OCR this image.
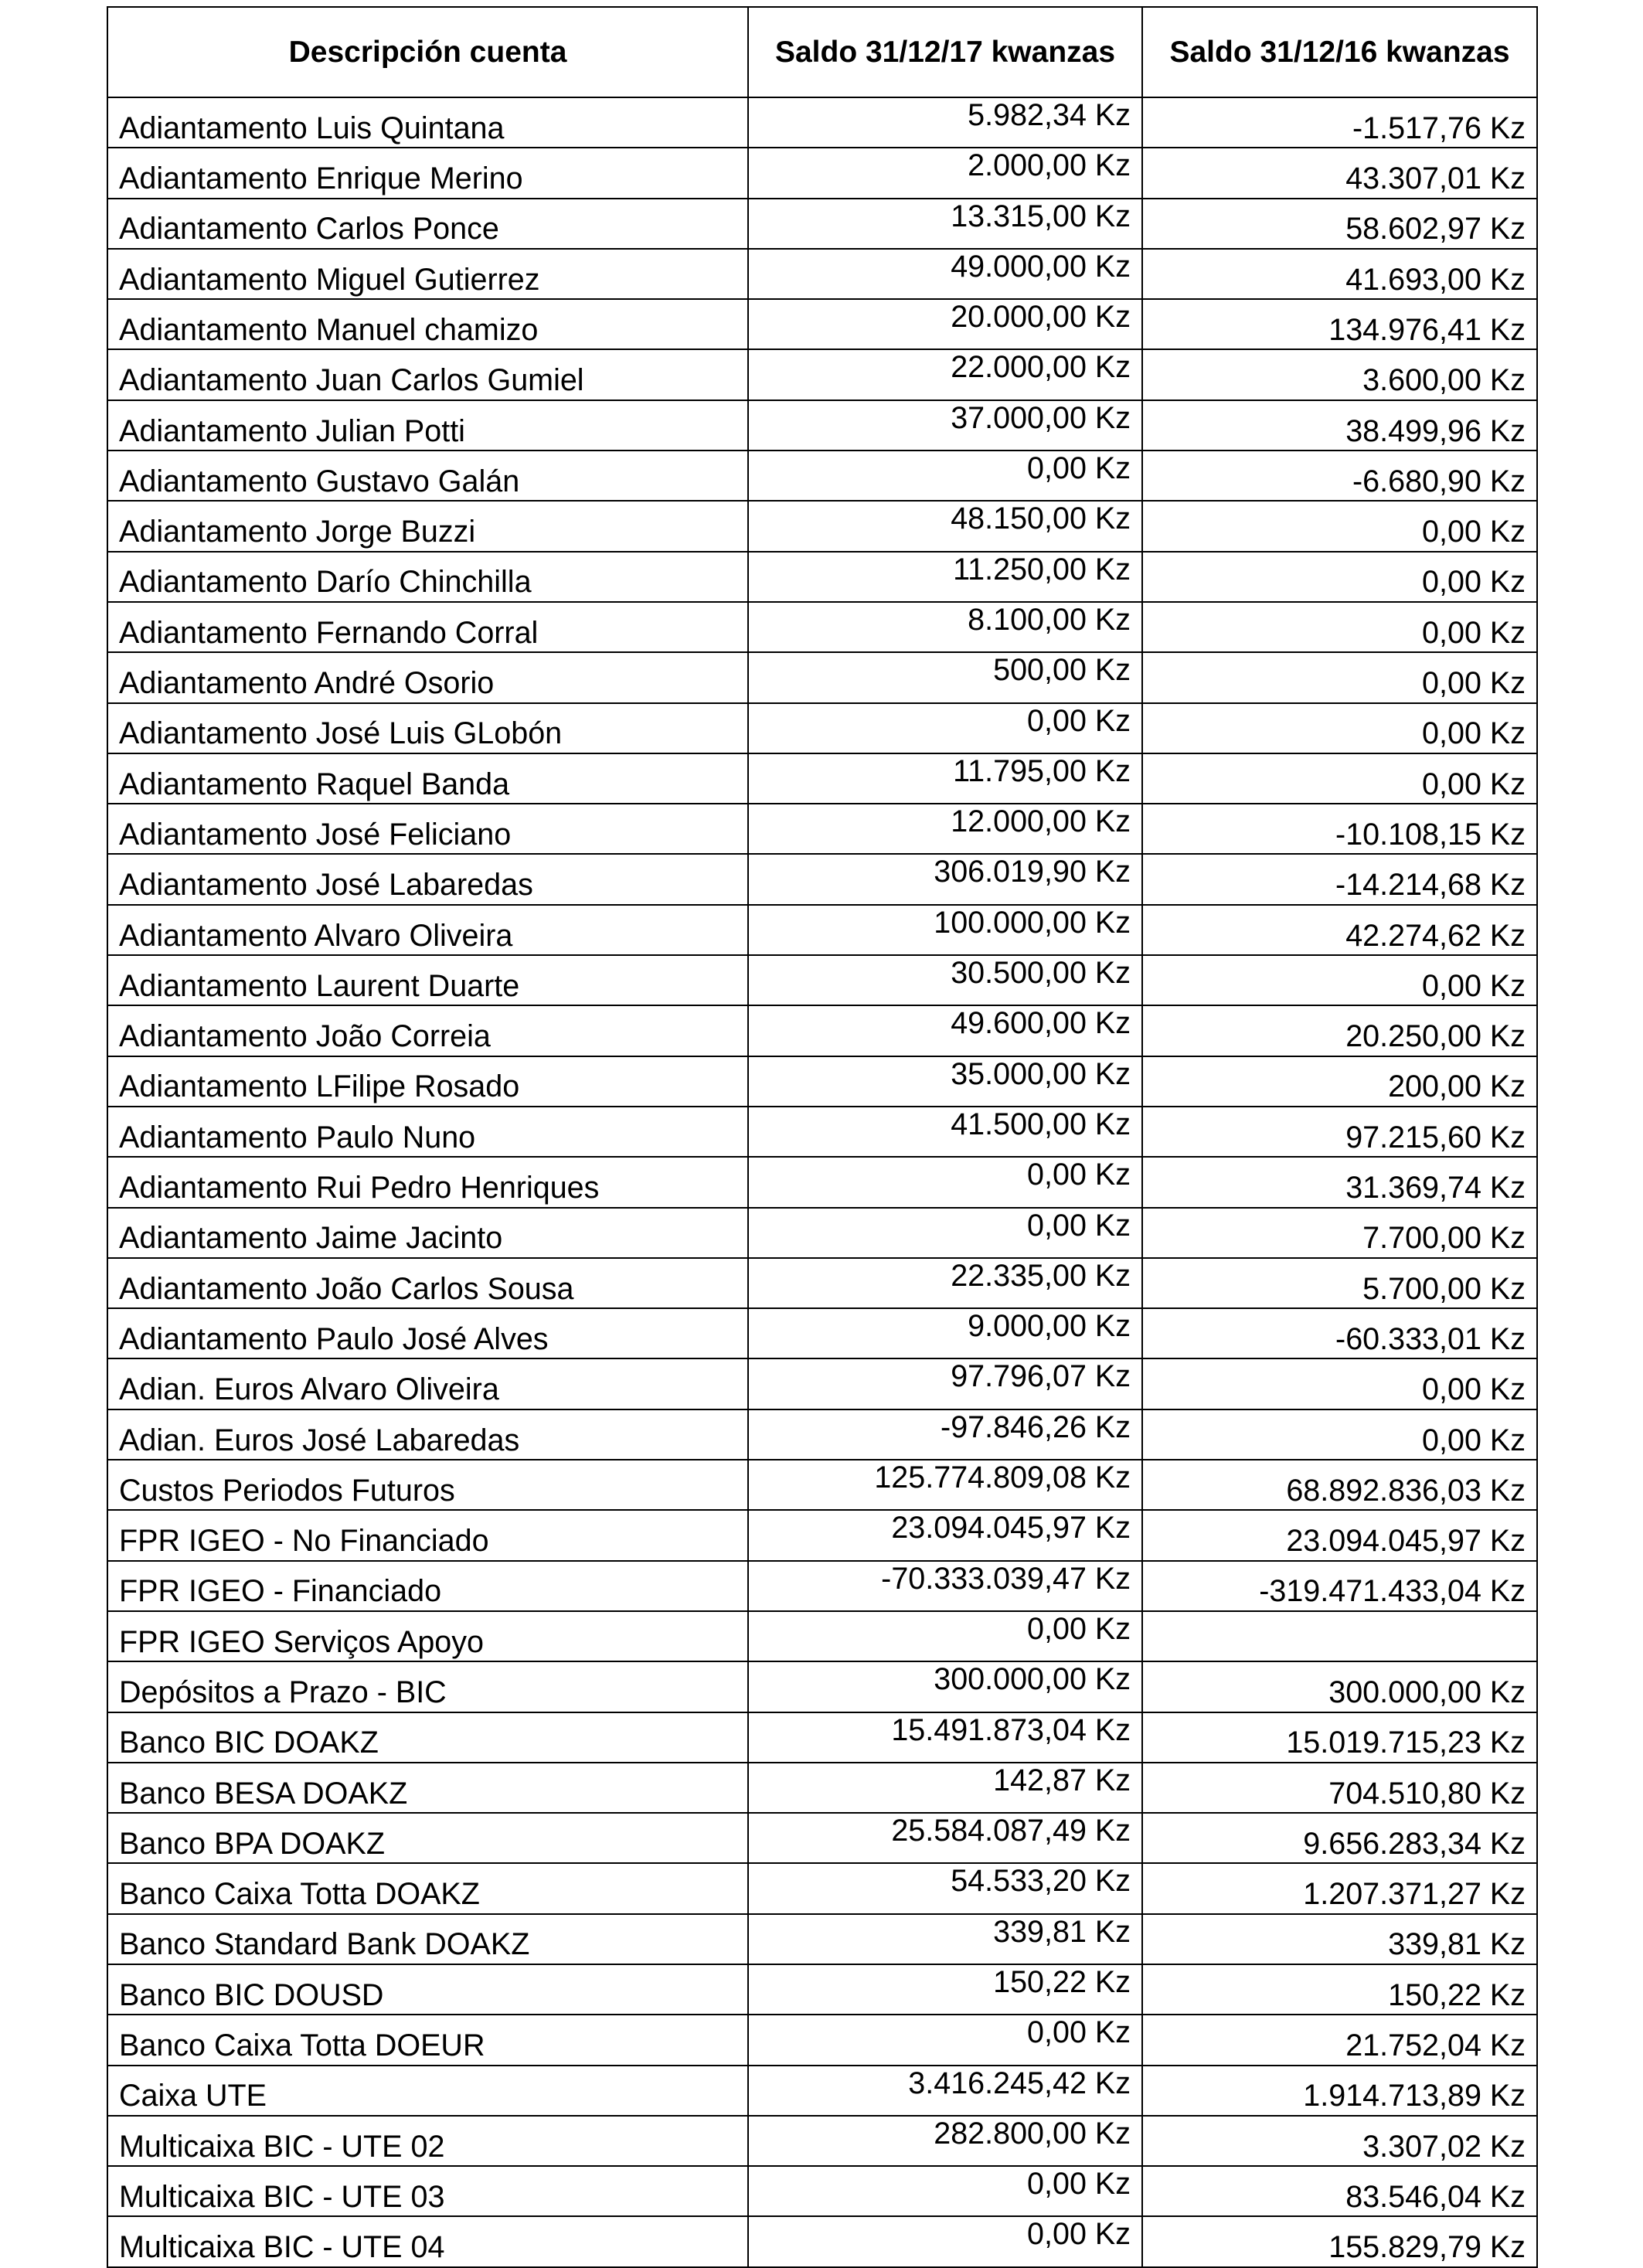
Descripción cuenta	Saldo 31/12/17 kwanzas	Saldo 31/12/16 kwanzas
Adiantamento Luis Quintana	5.982,34 Kz	-1.517,76 Kz
Adiantamento Enrique Merino	2.000,00 Kz	43.307,01 Kz
Adiantamento Carlos Ponce	13.315,00 Kz	58.602,97 Kz
Adiantamento Miguel Gutierrez	49.000,00 Kz	41.693,00 Kz
Adiantamento Manuel chamizo	20.000,00 Kz	134.976,41 Kz
Adiantamento Juan Carlos Gumiel	22.000,00 Kz	3.600,00 Kz
Adiantamento Julian Potti	37.000,00 Kz	38.499,96 Kz
Adiantamento Gustavo Galán	0,00 Kz	-6.680,90 Kz
Adiantamento Jorge Buzzi	48.150,00 Kz	0,00 Kz
Adiantamento Darío Chinchilla	11.250,00 Kz	0,00 Kz
Adiantamento Fernando Corral	8.100,00 Kz	0,00 Kz
Adiantamento André Osorio	500,00 Kz	0,00 Kz
Adiantamento José Luis GLobón	0,00 Kz	0,00 Kz
Adiantamento Raquel Banda	11.795,00 Kz	0,00 Kz
Adiantamento José Feliciano	12.000,00 Kz	-10.108,15 Kz
Adiantamento José Labaredas	306.019,90 Kz	-14.214,68 Kz
Adiantamento Alvaro Oliveira	100.000,00 Kz	42.274,62 Kz
Adiantamento Laurent Duarte	30.500,00 Kz	0,00 Kz
Adiantamento João Correia	49.600,00 Kz	20.250,00 Kz
Adiantamento LFilipe Rosado	35.000,00 Kz	200,00 Kz
Adiantamento Paulo Nuno	41.500,00 Kz	97.215,60 Kz
Adiantamento Rui Pedro Henriques	0,00 Kz	31.369,74 Kz
Adiantamento Jaime Jacinto	0,00 Kz	7.700,00 Kz
Adiantamento João Carlos Sousa	22.335,00 Kz	5.700,00 Kz
Adiantamento Paulo José Alves	9.000,00 Kz	-60.333,01 Kz
Adian. Euros Alvaro Oliveira	97.796,07 Kz	0,00 Kz
Adian. Euros José Labaredas	-97.846,26 Kz	0,00 Kz
Custos Periodos Futuros	125.774.809,08 Kz	68.892.836,03 Kz
FPR IGEO - No Financiado	23.094.045,97 Kz	23.094.045,97 Kz
FPR IGEO - Financiado	-70.333.039,47 Kz	-319.471.433,04 Kz
FPR IGEO Serviços Apoyo	0,00 Kz	
Depósitos a Prazo - BIC	300.000,00 Kz	300.000,00 Kz
Banco BIC DOAKZ	15.491.873,04 Kz	15.019.715,23 Kz
Banco BESA DOAKZ	142,87 Kz	704.510,80 Kz
Banco BPA DOAKZ	25.584.087,49 Kz	9.656.283,34 Kz
Banco Caixa Totta DOAKZ	54.533,20 Kz	1.207.371,27 Kz
Banco Standard Bank DOAKZ	339,81 Kz	339,81 Kz
Banco BIC DOUSD	150,22 Kz	150,22 Kz
Banco Caixa Totta DOEUR	0,00 Kz	21.752,04 Kz
Caixa UTE	3.416.245,42 Kz	1.914.713,89 Kz
Multicaixa BIC - UTE 02	282.800,00 Kz	3.307,02 Kz
Multicaixa BIC - UTE 03	0,00 Kz	83.546,04 Kz
Multicaixa BIC - UTE 04	0,00 Kz	155.829,79 Kz
